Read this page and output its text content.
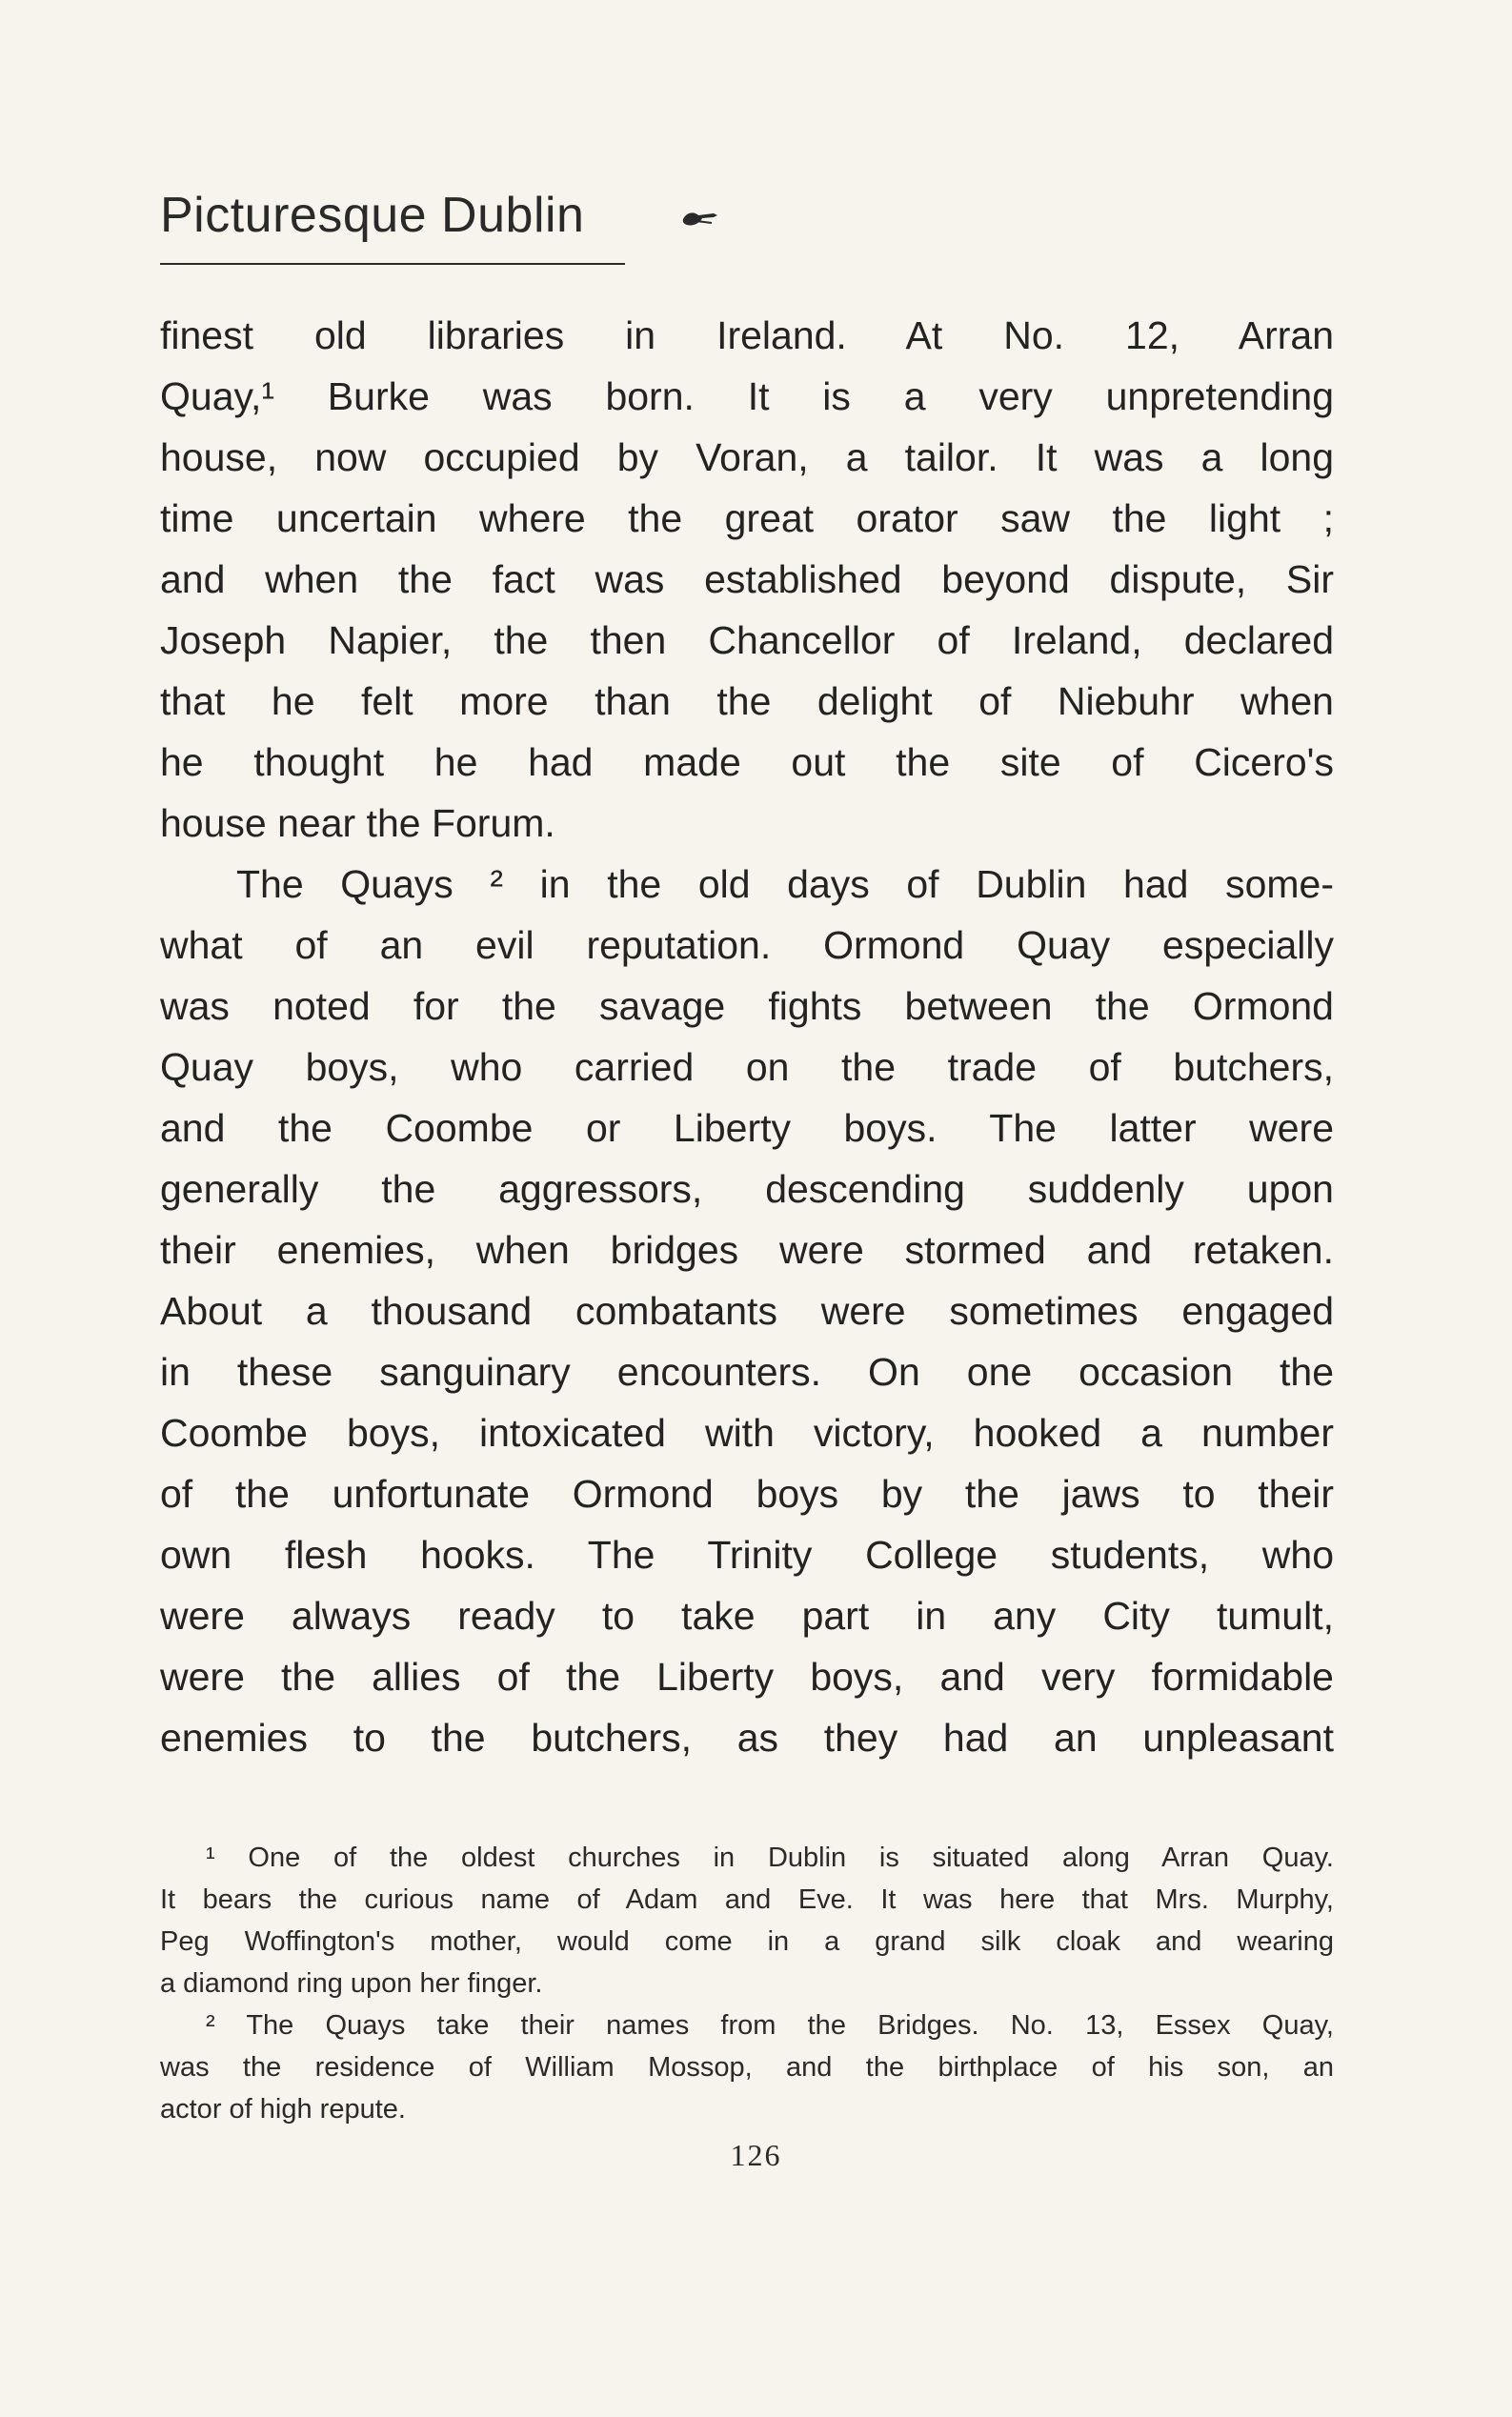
Picturesque Dublin
finest old libraries in Ireland. At No. 12, Arran
Quay,¹ Burke was born. It is a very unpretending
house, now occupied by Voran, a tailor. It was a long
time uncertain where the great orator saw the light ;
and when the fact was established beyond dispute, Sir
Joseph Napier, the then Chancellor of Ireland, declared
that he felt more than the delight of Niebuhr when
he thought he had made out the site of Cicero's
house near the Forum.
The Quays ² in the old days of Dublin had some-
what of an evil reputation. Ormond Quay especially
was noted for the savage fights between the Ormond
Quay boys, who carried on the trade of butchers,
and the Coombe or Liberty boys. The latter were
generally the aggressors, descending suddenly upon
their enemies, when bridges were stormed and retaken.
About a thousand combatants were sometimes engaged
in these sanguinary encounters. On one occasion the
Coombe boys, intoxicated with victory, hooked a number
of the unfortunate Ormond boys by the jaws to their
own flesh hooks. The Trinity College students, who
were always ready to take part in any City tumult,
were the allies of the Liberty boys, and very formidable
enemies to the butchers, as they had an unpleasant
¹ One of the oldest churches in Dublin is situated along Arran Quay.
It bears the curious name of Adam and Eve. It was here that Mrs. Murphy,
Peg Woffington's mother, would come in a grand silk cloak and wearing
a diamond ring upon her finger.
² The Quays take their names from the Bridges. No. 13, Essex Quay,
was the residence of William Mossop, and the birthplace of his son, an
actor of high repute.
126
